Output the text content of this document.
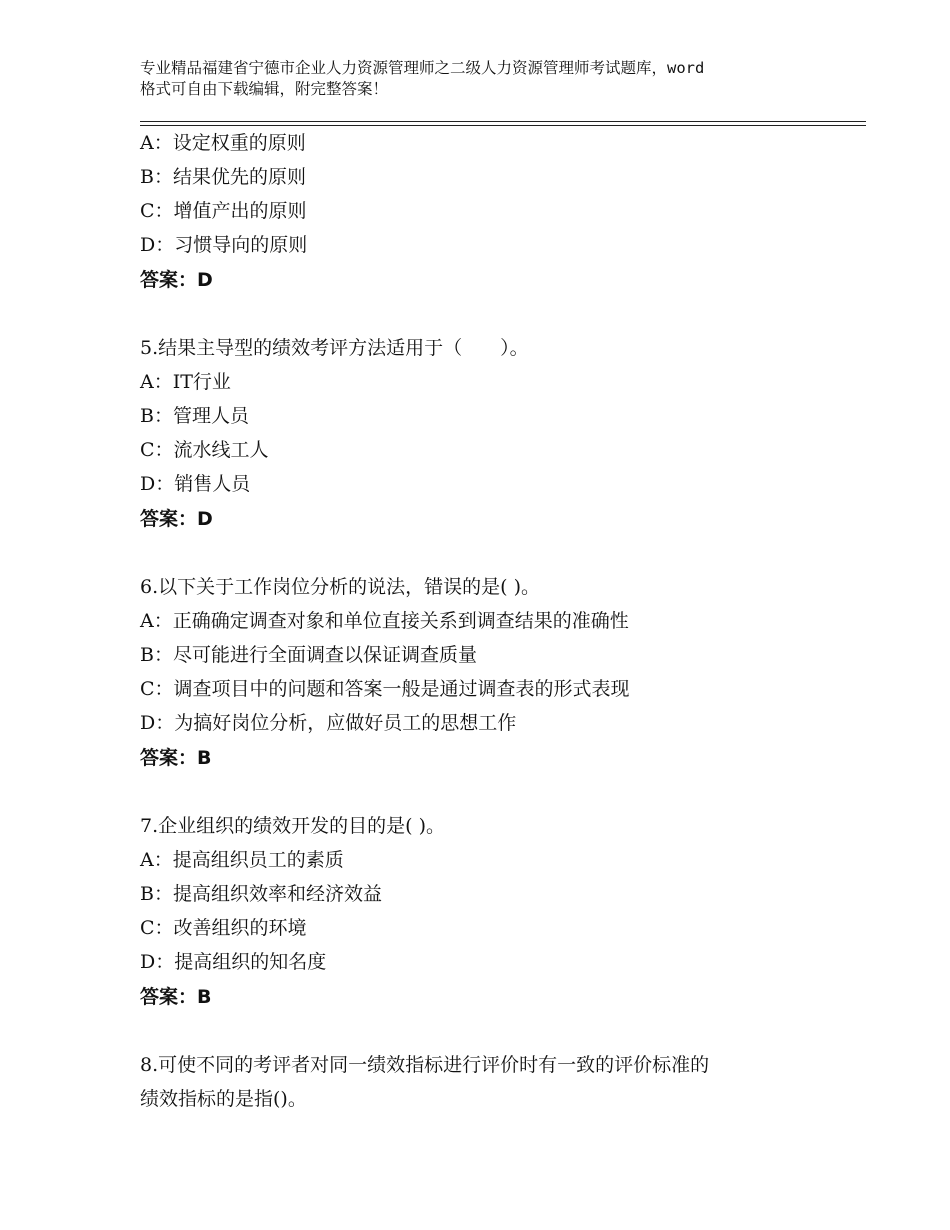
专业精品福建省宁德市企业人力资源管理师之二级人力资源管理师考试题库，word
格式可自由下载编辑，附完整答案！
A：设定权重的原则
B：结果优先的原则
C：增值产出的原则
D：习惯导向的原则
答案：D
5.结果主导型的绩效考评方法适用于（　　）。
A：IT行业
B：管理人员
C：流水线工人
D：销售人员
答案：D
6.以下关于工作岗位分析的说法，错误的是( )。
A：正确确定调查对象和单位直接关系到调查结果的准确性
B：尽可能进行全面调查以保证调查质量
C：调查项目中的问题和答案一般是通过调查表的形式表现
D：为搞好岗位分析，应做好员工的思想工作
答案：B
7.企业组织的绩效开发的目的是( )。
A：提高组织员工的素质
B：提高组织效率和经济效益
C：改善组织的环境
D：提高组织的知名度
答案：B
8.可使不同的考评者对同一绩效指标进行评价时有一致的评价标准的
绩效指标的是指()。
